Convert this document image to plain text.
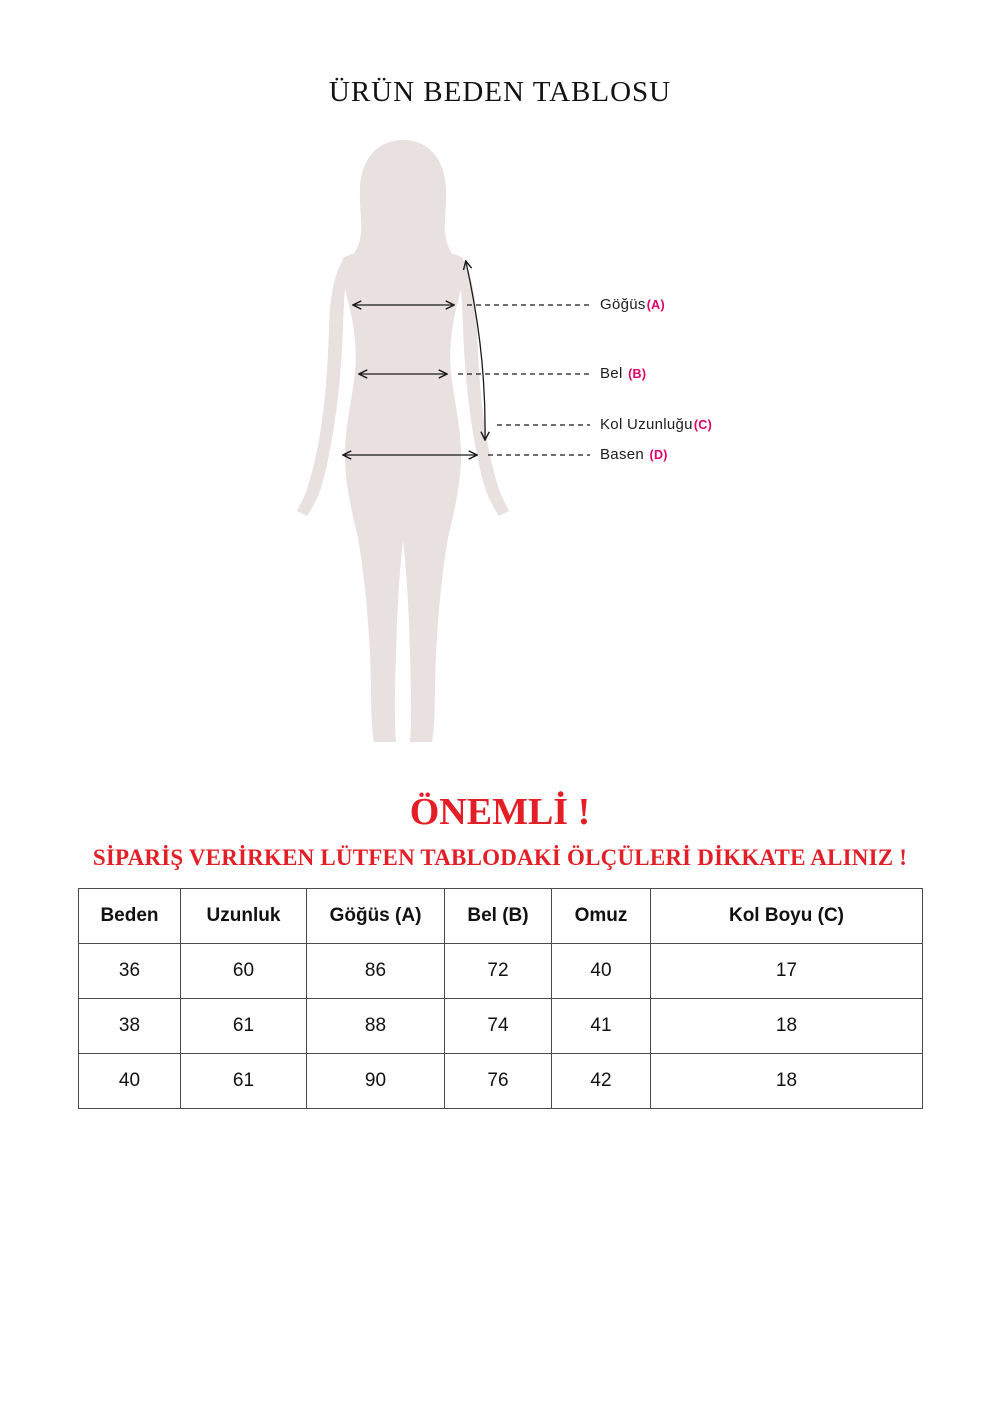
ÜRÜN BEDEN TABLOSU
Göğüs(A)
Bel (B)
Kol Uzunluğu(C)
Basen (D)
ÖNEMLİ !
SİPARİŞ VERİRKEN LÜTFEN TABLODAKİ ÖLÇÜLERİ DİKKATE ALINIZ !
Beden	Uzunluk	Göğüs (A)	Bel (B)	Omuz	Kol Boyu (C)
36	60	86	72	40	17
38	61	88	74	41	18
40	61	90	76	42	18
